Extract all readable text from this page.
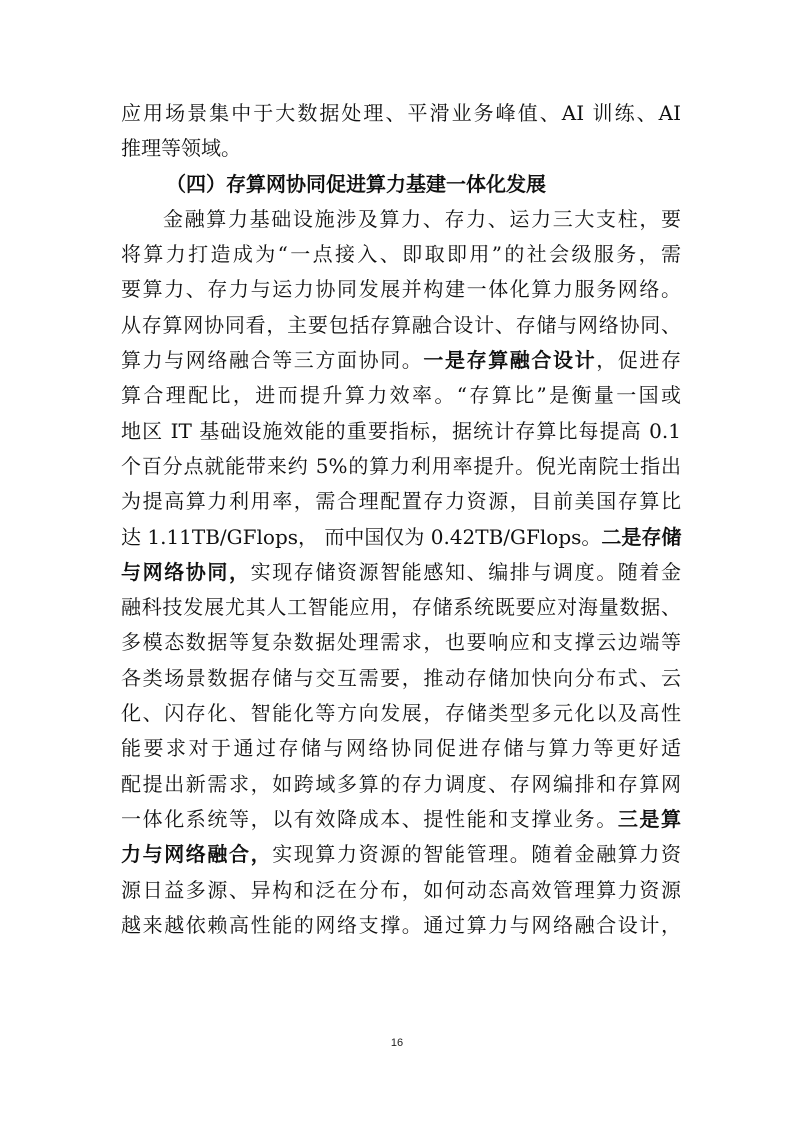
应用场景集中于大数据处理、平滑业务峰值、AI 训练、AI
推理等领域。
（四）存算网协同促进算力基建一体化发展
金融算力基础设施涉及算力、存力、运力三大支柱，要
将算力打造成为“一点接入、即取即用”的社会级服务，需
要算力、存力与运力协同发展并构建一体化算力服务网络。
从存算网协同看，主要包括存算融合设计、存储与网络协同、
算力与网络融合等三方面协同。一是存算融合设计，促进存
算合理配比，进而提升算力效率。“存算比”是衡量一国或
地区 IT 基础设施效能的重要指标，据统计存算比每提高 0.1
个百分点就能带来约 5%的算力利用率提升。倪光南院士指出
为提高算力利用率，需合理配置存力资源，目前美国存算比
达 1.11TB/GFlops， 而中国仅为 0.42TB/GFlops。二是存储
与网络协同，实现存储资源智能感知、编排与调度。随着金
融科技发展尤其人工智能应用，存储系统既要应对海量数据、
多模态数据等复杂数据处理需求，也要响应和支撑云边端等
各类场景数据存储与交互需要，推动存储加快向分布式、云
化、闪存化、智能化等方向发展，存储类型多元化以及高性
能要求对于通过存储与网络协同促进存储与算力等更好适
配提出新需求，如跨域多算的存力调度、存网编排和存算网
一体化系统等，以有效降成本、提性能和支撑业务。三是算
力与网络融合，实现算力资源的智能管理。随着金融算力资
源日益多源、异构和泛在分布，如何动态高效管理算力资源
越来越依赖高性能的网络支撑。通过算力与网络融合设计，
16
